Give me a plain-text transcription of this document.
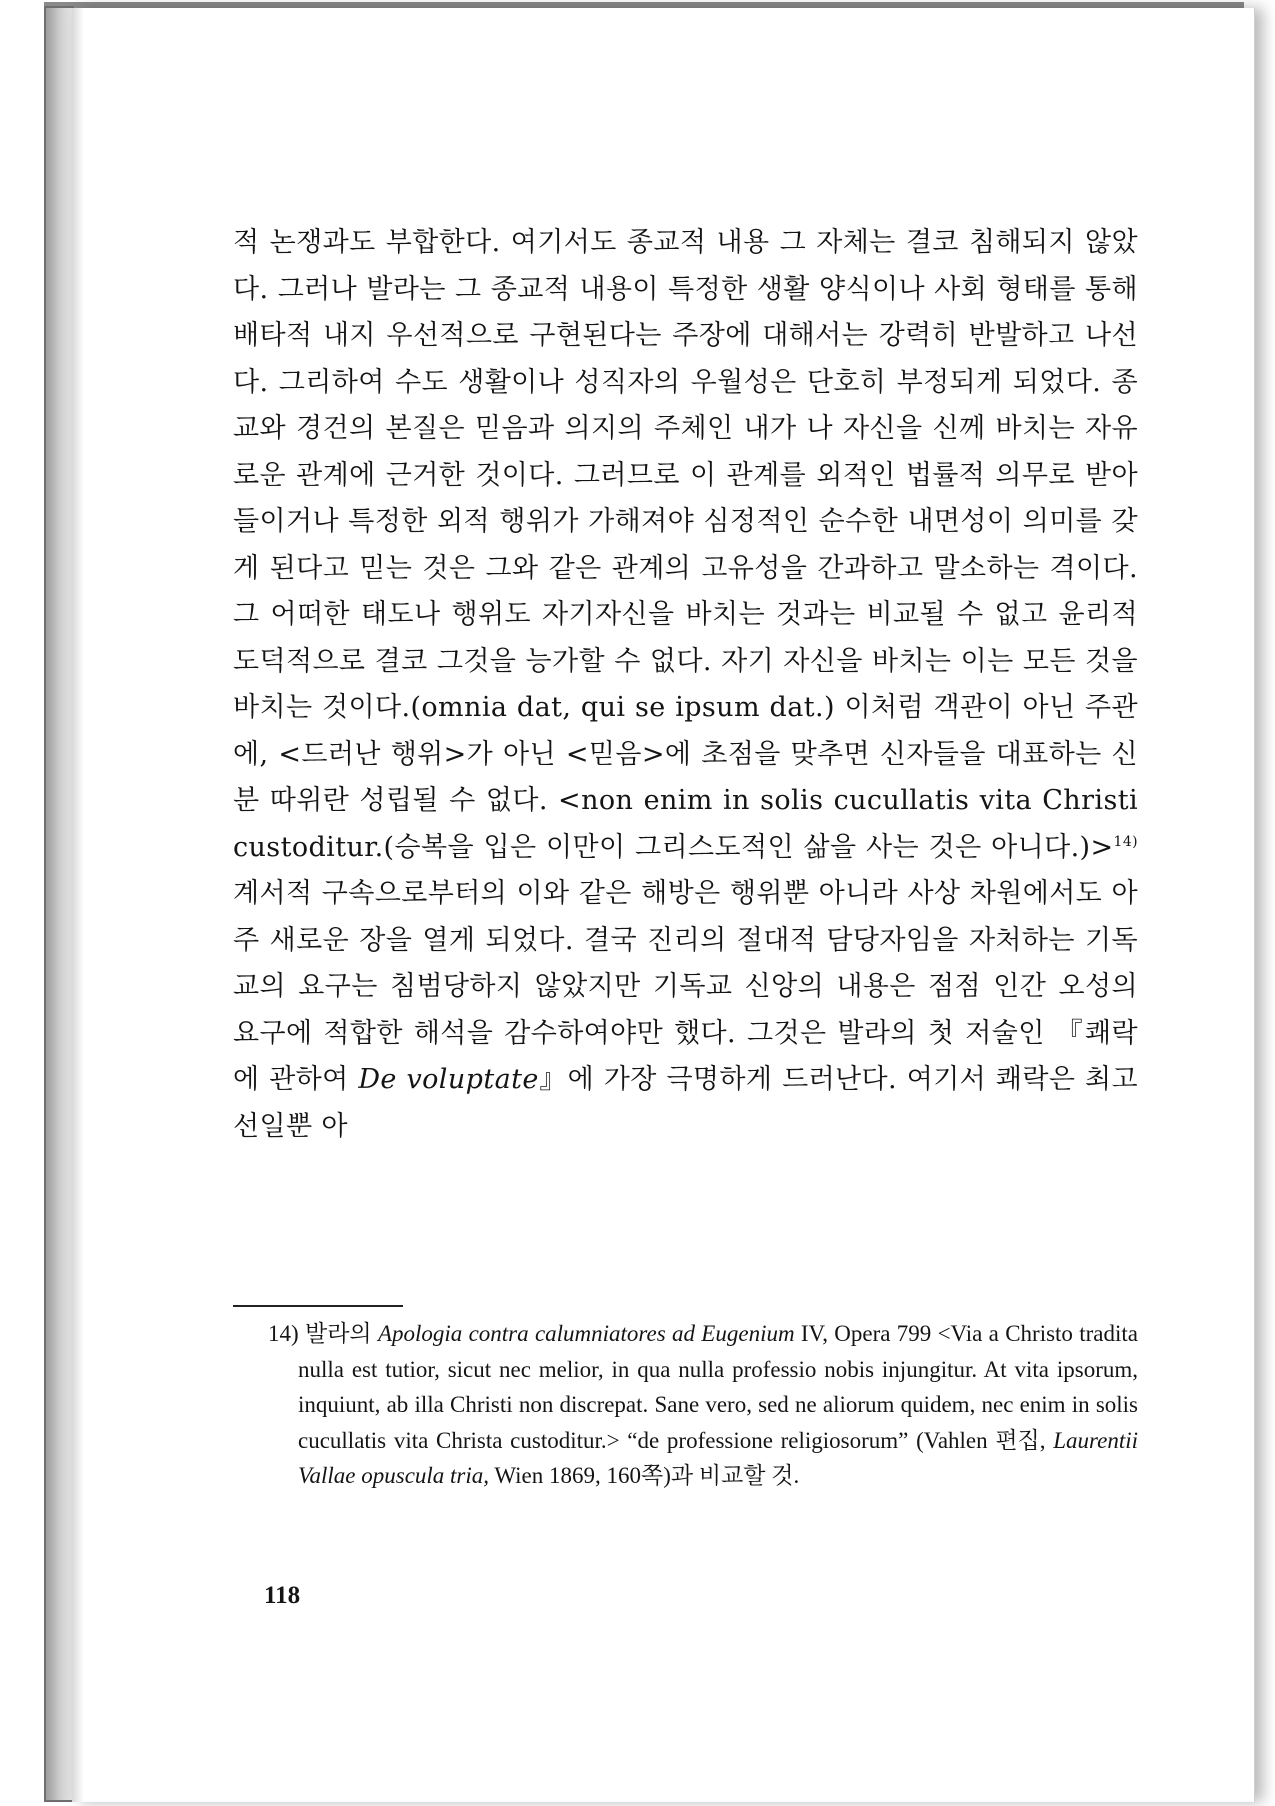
적 논쟁과도 부합한다. 여기서도 종교적 내용 그 자체는 결코 침해되지 않았다. 그러나 발라는 그 종교적 내용이 특정한 생활 양식이나 사회 형태를 통해 배타적 내지 우선적으로 구현된다는 주장에 대해서는 강력히 반발하고 나선다. 그리하여 수도 생활이나 성직자의 우월성은 단호히 부정되게 되었다. 종교와 경건의 본질은 믿음과 의지의 주체인 내가 나 자신을 신께 바치는 자유로운 관계에 근거한 것이다. 그러므로 이 관계를 외적인 법률적 의무로 받아들이거나 특정한 외적 행위가 가해져야 심정적인 순수한 내면성이 의미를 갖게 된다고 믿는 것은 그와 같은 관계의 고유성을 간과하고 말소하는 격이다. 그 어떠한 태도나 행위도 자기자신을 바치는 것과는 비교될 수 없고 윤리적 도덕적으로 결코 그것을 능가할 수 없다. 자기 자신을 바치는 이는 모든 것을 바치는 것이다.(omnia dat, qui se ipsum dat.) 이처럼 객관이 아닌 주관에, <드러난 행위>가 아닌 <믿음>에 초점을 맞추면 신자들을 대표하는 신분 따위란 성립될 수 없다. <non enim in solis cucullatis vita Christi custoditur.(승복을 입은 이만이 그리스도적인 삶을 사는 것은 아니다.)>$^{14)}$ 계서적 구속으로부터의 이와 같은 해방은 행위뿐 아니라 사상 차원에서도 아주 새로운 장을 열게 되었다. 결국 진리의 절대적 담당자임을 자처하는 기독교의 요구는 침범당하지 않았지만 기독교 신앙의 내용은 점점 인간 오성의 요구에 적합한 해석을 감수하여야만 했다. 그것은 발라의 첫 저술인 『쾌락에 관하여 De voluptate』에 가장 극명하게 드러난다. 여기서 쾌락은 최고선일뿐 아

14) 발라의 Apologia contra calumniatores ad Eugenium IV, Opera 799 <Via a Christo tradita nulla est tutior, sicut nec melior, in qua nulla professio nobis injungitur. At vita ipsorum, inquiunt, ab illa Christi non discrepat. Sane vero, sed ne aliorum quidem, nec enim in solis cucullatis vita Christa custoditur.> “de professione religiosorum” (Vahlen 편집, Laurentii Vallae opuscula tria, Wien 1869, 160쪽)과 비교할 것.

118
